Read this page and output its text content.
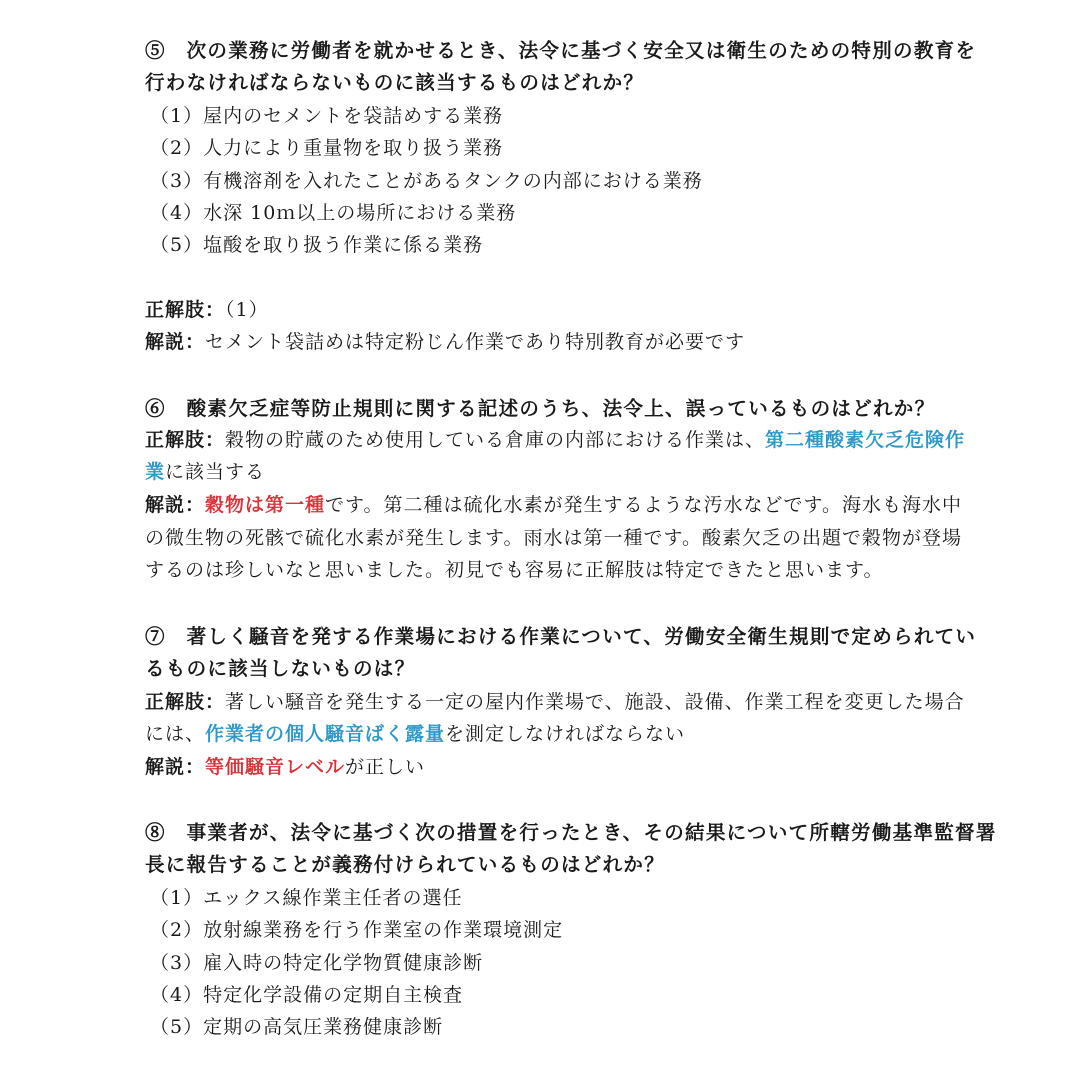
⑤　次の業務に労働者を就かせるとき、法令に基づく安全又は衛生のための特別の教育を
行わなければならないものに該当するものはどれか？
（1）屋内のセメントを袋詰めする業務
（2）人力により重量物を取り扱う業務
（3）有機溶剤を入れたことがあるタンクの内部における業務
（4）水深 10ｍ以上の場所における業務
（5）塩酸を取り扱う作業に係る業務
正解肢：（1）
解説：セメント袋詰めは特定粉じん作業であり特別教育が必要です
⑥　酸素欠乏症等防止規則に関する記述のうち、法令上、誤っているものはどれか？
正解肢：穀物の貯蔵のため使用している倉庫の内部における作業は、第二種酸素欠乏危険作
業に該当する
解説：穀物は第一種です。第二種は硫化水素が発生するような汚水などです。海水も海水中
の微生物の死骸で硫化水素が発生します。雨水は第一種です。酸素欠乏の出題で穀物が登場
するのは珍しいなと思いました。初見でも容易に正解肢は特定できたと思います。
⑦　著しく騒音を発する作業場における作業について、労働安全衛生規則で定められてい
るものに該当しないものは？
正解肢：著しい騒音を発生する一定の屋内作業場で、施設、設備、作業工程を変更した場合
には、作業者の個人騒音ばく露量を測定しなければならない
解説：等価騒音レベルが正しい
⑧　事業者が、法令に基づく次の措置を行ったとき、その結果について所轄労働基準監督署
長に報告することが義務付けられているものはどれか？
（1）エックス線作業主任者の選任
（2）放射線業務を行う作業室の作業環境測定
（3）雇入時の特定化学物質健康診断
（4）特定化学設備の定期自主検査
（5）定期の高気圧業務健康診断
